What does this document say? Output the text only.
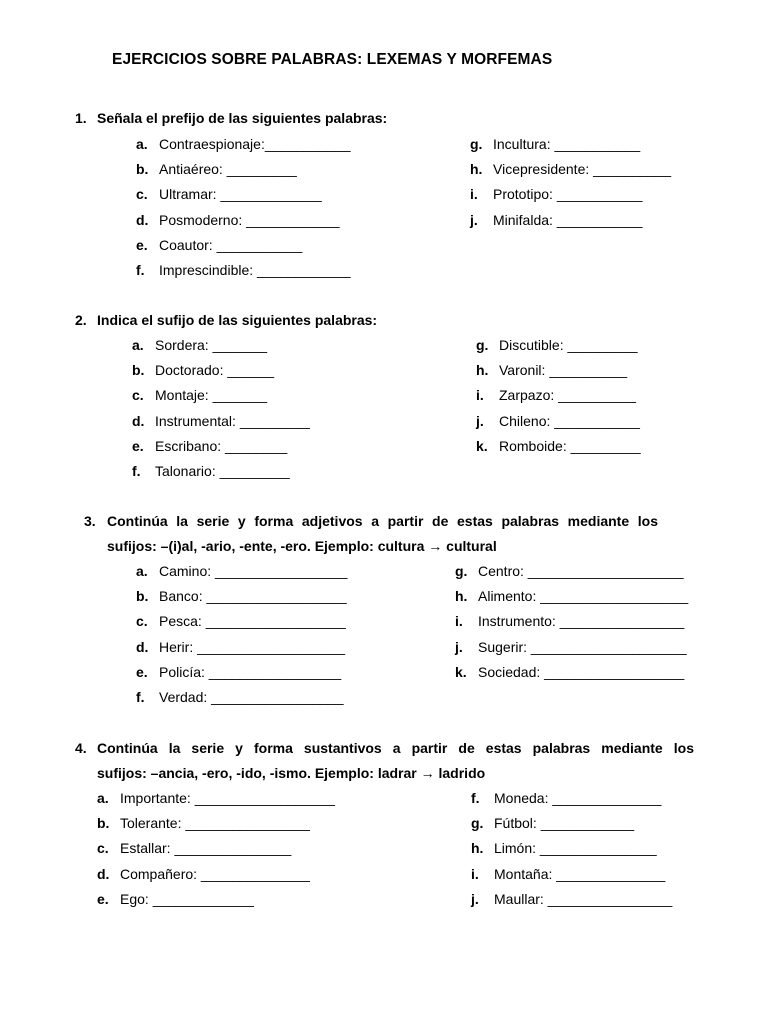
EJERCICIOS SOBRE PALABRAS: LEXEMAS Y MORFEMAS
1. Señala el prefijo de las siguientes palabras:
a. Contraespionaje:___________
b. Antiaéreo: _________
c. Ultramar: _____________
d. Posmoderno: ____________
e. Coautor: ___________
f. Imprescindible: ____________
g. Incultura: ___________
h. Vicepresidente: __________
i. Prototipo: ___________
j. Minifalda: ___________
2. Indica el sufijo de las siguientes palabras:
a. Sordera: _______
b. Doctorado: ______
c. Montaje: _______
d. Instrumental: _________
e. Escribano: ________
f. Talonario: _________
g. Discutible: _________
h. Varonil: __________
i. Zarpazo: __________
j. Chileno: ___________
k. Romboide: _________
3. Continúa la serie y forma adjetivos a partir de estas palabras mediante los
sufijos: –(i)al, -ario, -ente, -ero. Ejemplo: cultura → cultural
a. Camino: _________________
b. Banco: __________________
c. Pesca: __________________
d. Herir: ___________________
e. Policía: _________________
f. Verdad: _________________
g. Centro: ____________________
h. Alimento: ___________________
i. Instrumento: ________________
j. Sugerir: ____________________
k. Sociedad: __________________
4. Continúa la serie y forma sustantivos a partir de estas palabras mediante los
sufijos: –ancia, -ero, -ido, -ismo. Ejemplo: ladrar → ladrido
a. Importante: __________________
b. Tolerante: ________________
c. Estallar: _______________
d. Compañero: ______________
e. Ego: _____________
f. Moneda: ______________
g. Fútbol: ____________
h. Limón: _______________
i. Montaña: ______________
j. Maullar: ________________
